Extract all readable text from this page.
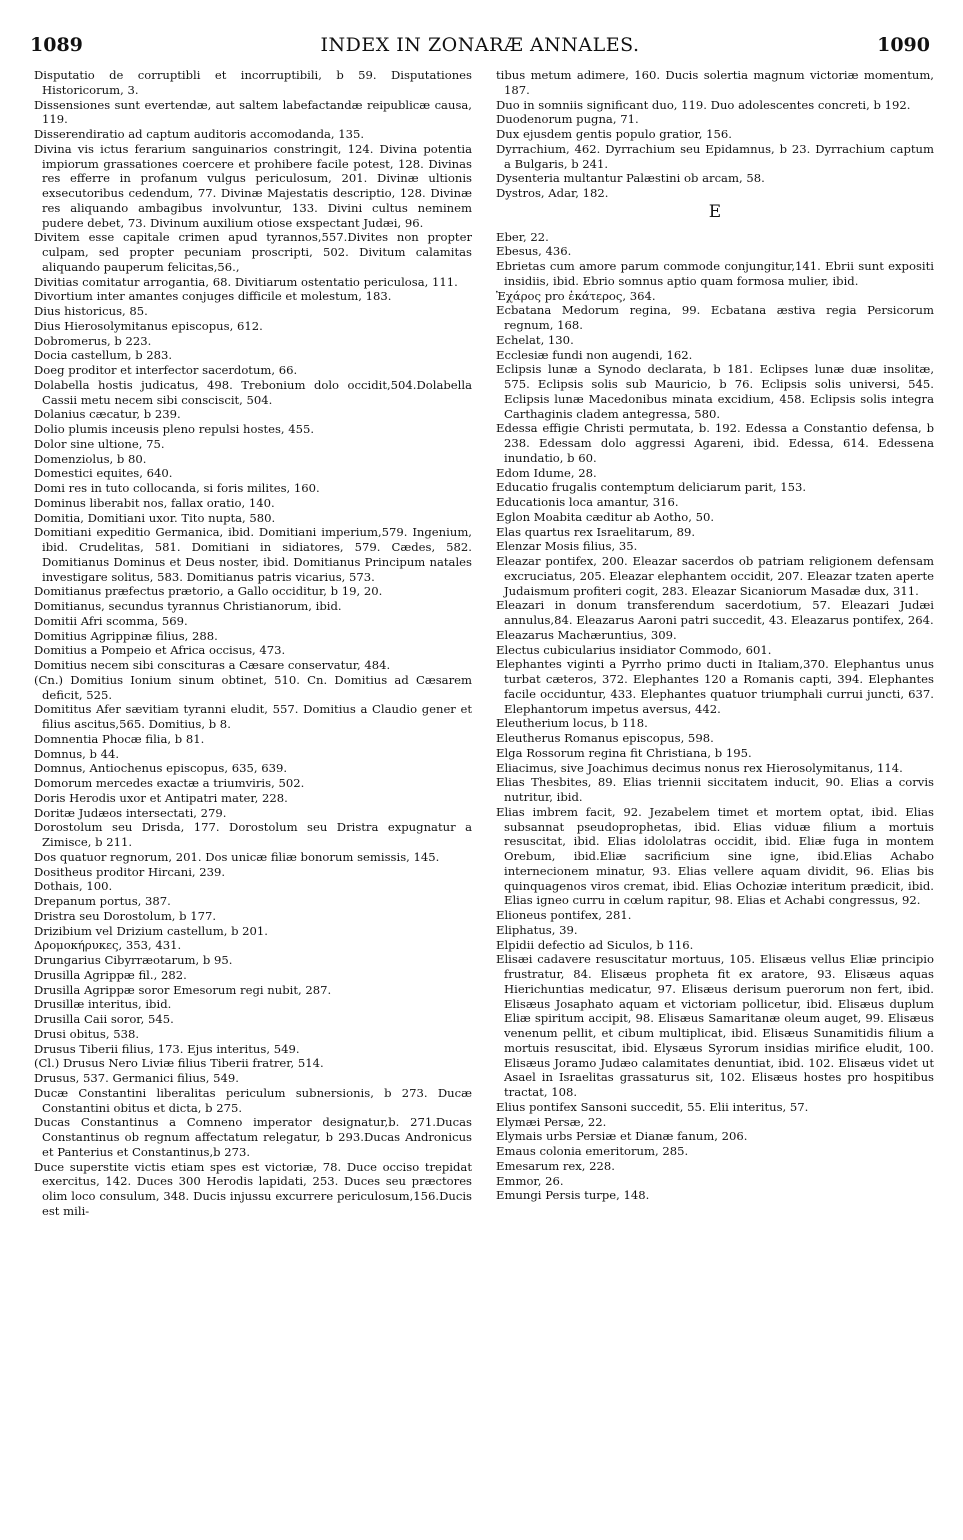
1089	INDEX IN ZONARÆ ANNALES.	1090

Disputatio de corruptibli et incorruptibili, b 59. Disputationes Historicorum, 3.

Dissensiones sunt evertendæ, aut saltem labefactandæ reipublicæ causa, 119.

Disserendiratio ad captum auditoris accomodanda, 135.

Divina vis ictus ferarium sanguinarios constringit, 124. Divina potentia impiorum grassationes coercere et prohibere facile potest, 128. Divinas res efferre in profanum vulgus periculosum, 201. Divinæ ultionis exsecutoribus cedendum, 77. Divinæ Majestatis descriptio, 128. Divinæ res aliquando ambagibus involvuntur, 133. Divini cultus neminem pudere debet, 73. Divinum auxilium otiose exspectant Judæi, 96.

Divitem esse capitale crimen apud tyrannos,557.Divites non propter culpam, sed propter pecuniam proscripti, 502. Divitum calamitas aliquando pauperum felicitas,56.,

Divitias comitatur arrogantia, 68. Divitiarum ostentatio periculosa, 111.

Divortium inter amantes conjuges difficile et molestum, 183.

Dius historicus, 85.

Dius Hierosolymitanus episcopus, 612.

Dobromerus, b 223.

Docia castellum, b 283.

Doeg proditor et interfector sacerdotum, 66.

Dolabella hostis judicatus, 498. Trebonium dolo occidit,504.Dolabella Cassii metu necem sibi consciscit, 504.

Dolanius cæcatur, b 239.

Dolio plumis inceusis pleno repulsi hostes, 455.

Dolor sine ultione, 75.

Domenziolus, b 80.

Domestici equites, 640.

Domi res in tuto collocanda, si foris milites, 160.

Dominus liberabit nos, fallax oratio, 140.

Domitia, Domitiani uxor. Tito nupta, 580.

Domitiani expeditio Germanica, ibid. Domitiani imperium,579. Ingenium, ibid. Crudelitas, 581. Domitiani in sidiatores, 579. Cædes, 582. Domitianus Dominus et Deus noster, ibid. Domitianus Principum natales investigare solitus, 583. Domitianus patris vicarius, 573.

Domitianus præfectus prætorio, a Gallo occiditur, b 19, 20.

Domitianus, secundus tyrannus Christianorum, ibid.

Domitii Afri scomma, 569.

Domitius Agrippinæ filius, 288.

Domitius a Pompeio et Africa occisus, 473.

Domitius necem sibi conscituras a Cæsare conservatur, 484.

(Cn.) Domitius Ionium sinum obtinet, 510. Cn. Domitius ad Cæsarem deficit, 525.

Domititus Afer sævitiam tyranni eludit, 557. Domitius a Claudio gener et filius ascitus,565. Domitius, b 8.

Domnentia Phocæ filia, b 81.

Domnus, b 44.

Domnus, Antiochenus episcopus, 635, 639.

Domorum mercedes exactæ a triumviris, 502.

Doris Herodis uxor et Antipatri mater, 228.

Doritæ Judæos intersectati, 279.

Dorostolum seu Drisda, 177. Dorostolum seu Dristra expugnatur a Zimisce, b 211.

Dos quatuor regnorum, 201. Dos unicæ filiæ bonorum semissis, 145.

Dositheus proditor Hircani, 239.

Dothais, 100.

Drepanum portus, 387.

Dristra seu Dorostolum, b 177.

Drizibium vel Drizium castellum, b 201.

Δρομοκήρυκες, 353, 431.

Drungarius Cibyrræotarum, b 95.

Drusilla Agrippæ fil., 282.

Drusilla Agrippæ soror Emesorum regi nubit, 287.

Drusillæ interitus, ibid.

Drusilla Caii soror, 545.

Drusi obitus, 538.

Drusus Tiberii filius, 173. Ejus interitus, 549.

(Cl.) Drusus Nero Liviæ filius Tiberii fratrer, 514.

Drusus, 537. Germanici filius, 549.

Ducæ Constantini liberalitas periculum subnersionis, b 273. Ducæ Constantini obitus et dicta, b 275.

Ducas Constantinus a Comneno imperator designatur,b. 271.Ducas Constantinus ob regnum affectatum relegatur, b 293.Ducas Andronicus et Panterius et Constantinus,b 273.

Duce superstite victis etiam spes est victoriæ, 78. Duce occiso trepidat exercitus, 142. Duces 300 Herodis lapidati, 253. Duces seu præctores olim loco consulum, 348. Ducis injussu excurrere periculosum,156.Ducis est mili-

tibus metum adimere, 160. Ducis solertia magnum victoriæ momentum, 187.

Duo in somniis significant duo, 119. Duo adolescentes concreti, b 192.

Duodenorum pugna, 71.

Dux ejusdem gentis populo gratior, 156.

Dyrrachium, 462. Dyrrachium seu Epidamnus, b 23. Dyrrachium captum a Bulgaris, b 241.

Dysenteria multantur Palæstini ob arcam, 58.

Dystros, Adar, 182.

E

Eber, 22.

Ebesus, 436.

Ebrietas cum amore parum commode conjungitur,141. Ebrii sunt expositi insidiis, ibid. Ebrio somnus aptio quam formosa mulier, ibid.

Ἐχάρος pro ἑκάτερος, 364.

Ecbatana Medorum regina, 99. Ecbatana æstiva regia Persicorum regnum, 168.

Echelat, 130.

Ecclesiæ fundi non augendi, 162.

Eclipsis lunæ a Synodo declarata, b 181. Eclipses lunæ duæ insolitæ, 575. Eclipsis solis sub Mauricio, b 76. Eclipsis solis universi, 545. Eclipsis lunæ Macedonibus minata excidium, 458. Eclipsis solis integra Carthaginis cladem antegressa, 580.

Edessa effigie Christi permutata, b. 192. Edessa a Constantio defensa, b 238. Edessam dolo aggressi Agareni, ibid. Edessa, 614. Edessena inundatio, b 60.

Edom Idume, 28.

Educatio frugalis contemptum deliciarum parit, 153.

Educationis loca amantur, 316.

Eglon Moabita cæditur ab Aotho, 50.

Elas quartus rex Israelitarum, 89.

Elenzar Mosis filius, 35.

Eleazar pontifex, 200. Eleazar sacerdos ob patriam religionem defensam excruciatus, 205. Eleazar elephantem occidit, 207. Eleazar tzaten aperte Judaismum profiteri cogit, 283. Eleazar Sicaniorum Masadæ dux, 311.

Eleazari in donum transferendum sacerdotium, 57. Eleazari Judæi annulus,84. Eleazarus Aaroni patri succedit, 43. Eleazarus pontifex, 264.

Eleazarus Machæruntius, 309.

Electus cubicularius insidiator Commodo, 601.

Elephantes viginti a Pyrrho primo ducti in Italiam,370. Elephantus unus turbat cæteros, 372. Elephantes 120 a Romanis capti, 394. Elephantes facile occiduntur, 433. Elephantes quatuor triumphali currui juncti, 637. Elephantorum impetus aversus, 442.

Eleutherium locus, b 118.

Eleutherus Romanus episcopus, 598.

Elga Rossorum regina fit Christiana, b 195.

Eliacimus, sive Joachimus decimus nonus rex Hierosolymitanus, 114.

Elias Thesbites, 89. Elias triennii siccitatem inducit, 90. Elias a corvis nutritur, ibid.

Elias imbrem facit, 92. Jezabelem timet et mortem optat, ibid. Elias subsannat pseudoprophetas, ibid. Elias viduæ filium a mortuis resuscitat, ibid. Elias idololatras occidit, ibid. Eliæ fuga in montem Orebum, ibid.Eliæ sacrificium sine igne, ibid.Elias Achabo internecionem minatur, 93. Elias vellere aquam dividit, 96. Elias bis quinquagenos viros cremat, ibid. Elias Ochoziæ interitum prædicit, ibid. Elias igneo curru in cœlum rapitur, 98. Elias et Achabi congressus, 92.

Elioneus pontifex, 281.

Eliphatus, 39.

Elpidii defectio ad Siculos, b 116.

Elisæi cadavere resuscitatur mortuus, 105. Elisæus vellus Eliæ principio frustratur, 84. Elisæus propheta fit ex aratore, 93. Elisæus aquas Hierichuntias medicatur, 97. Elisæus derisum puerorum non fert, ibid. Elisæus Josaphato aquam et victoriam pollicetur, ibid. Elisæus duplum Eliæ spiritum accipit, 98. Elisæus Samaritanæ oleum auget, 99. Elisæus venenum pellit, et cibum multiplicat, ibid. Elisæus Sunamitidis filium a mortuis resuscitat, ibid. Elysæus Syrorum insidias mirifice eludit, 100. Elisæus Joramo Judæo calamitates denuntiat, ibid. 102. Elisæus videt ut Asael in Israelitas grassaturus sit, 102. Elisæus hostes pro hospitibus tractat, 108.

Elius pontifex Sansoni succedit, 55. Elii interitus, 57.

Elymæi Persæ, 22.

Elymais urbs Persiæ et Dianæ fanum, 206.

Emaus colonia emeritorum, 285.

Emesarum rex, 228.

Emmor, 26.

Emungi Persis turpe, 148.
